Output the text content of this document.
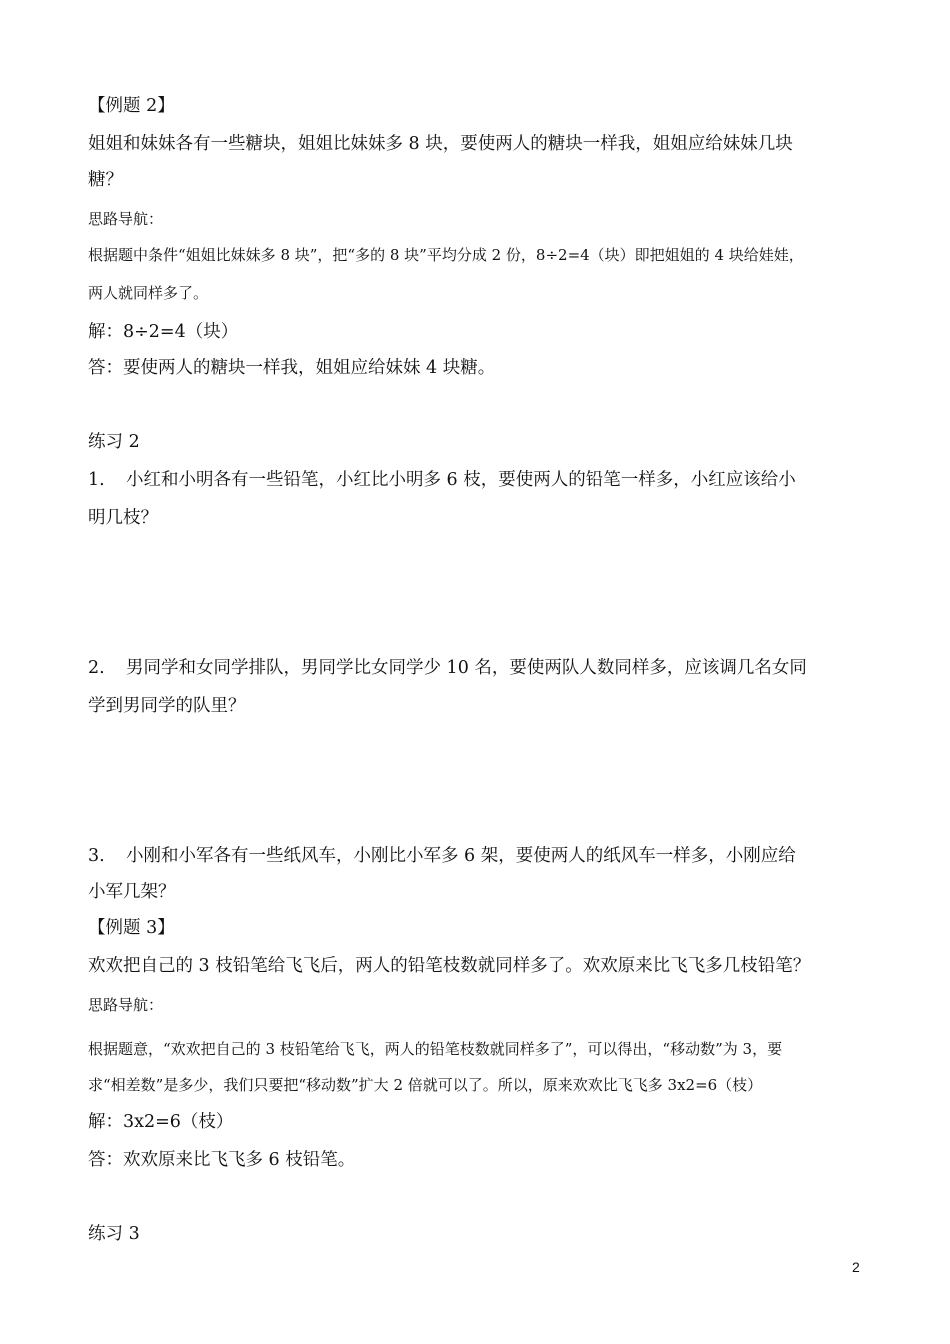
【例题 2】
姐姐和妹妹各有一些糖块，姐姐比妹妹多 8 块，要使两人的糖块一样我，姐姐应给妹妹几块
糖？
思路导航：
根据题中条件“姐姐比妹妹多 8 块”，把“多的 8 块”平均分成 2 份，8÷2=4（块）即把姐姐的 4 块给娃娃，
两人就同样多了。
解：8÷2=4（块）
答：要使两人的糖块一样我，姐姐应给妹妹 4 块糖。
练习 2
1. 小红和小明各有一些铅笔，小红比小明多 6 枝，要使两人的铅笔一样多，小红应该给小
明几枝？
2. 男同学和女同学排队，男同学比女同学少 10 名，要使两队人数同样多，应该调几名女同
学到男同学的队里？
3. 小刚和小军各有一些纸风车，小刚比小军多 6 架，要使两人的纸风车一样多，小刚应给
小军几架？
【例题 3】
欢欢把自己的 3 枝铅笔给飞飞后，两人的铅笔枝数就同样多了。欢欢原来比飞飞多几枝铅笔？
思路导航：
根据题意，“欢欢把自己的 3 枝铅笔给飞飞，两人的铅笔枝数就同样多了”，可以得出，“移动数”为 3，要
求“相差数”是多少，我们只要把“移动数”扩大 2 倍就可以了。所以，原来欢欢比飞飞多 3x2=6（枝）
解：3x2=6（枝）
答：欢欢原来比飞飞多 6 枝铅笔。
练习 3
2
